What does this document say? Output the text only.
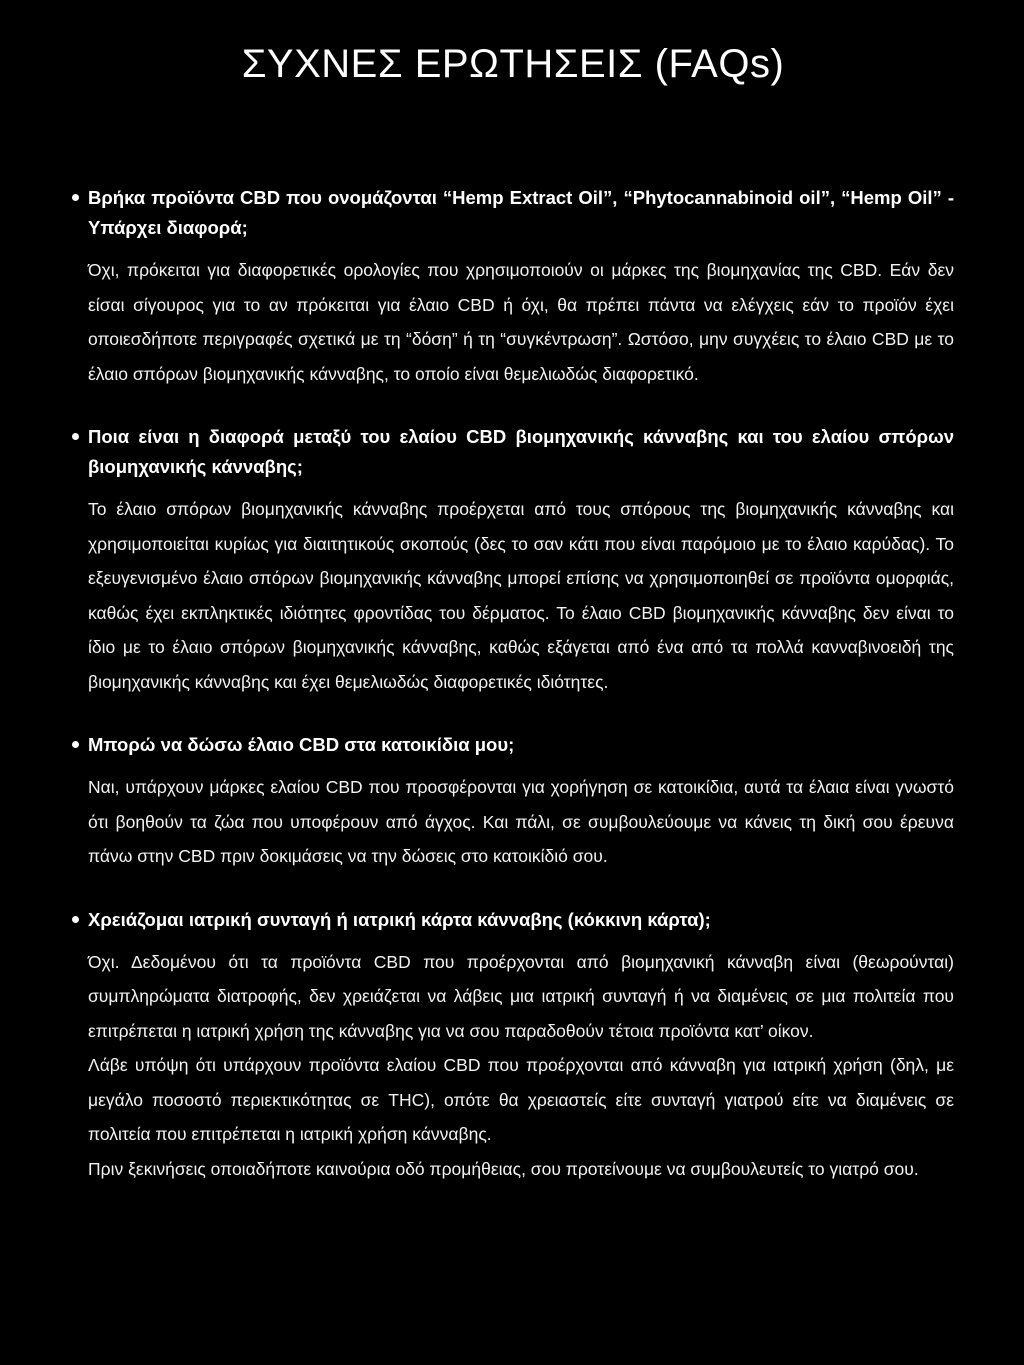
ΣΥΧΝΕΣ ΕΡΩΤΗΣΕΙΣ (FAQs)

Βρήκα προϊόντα CBD που ονομάζονται “Hemp Extract Oil”, “Phytocannabinoid oil”, “Hemp Oil” - Υπάρχει διαφορά;

Όχι, πρόκειται για διαφορετικές ορολογίες που χρησιμοποιούν οι μάρκες της βιομηχανίας της CBD. Εάν δεν είσαι σίγουρος για το αν πρόκειται για έλαιο CBD ή όχι, θα πρέπει πάντα να ελέγχεις εάν το προϊόν έχει οποιεσδήποτε περιγραφές σχετικά με τη “δόση” ή τη “συγκέντρωση”. Ωστόσο, μην συγχέεις το έλαιο CBD με το έλαιο σπόρων βιομηχανικής κάνναβης, το οποίο είναι θεμελιωδώς διαφορετικό.

Ποια είναι η διαφορά μεταξύ του ελαίου CBD βιομηχανικής κάνναβης και του ελαίου σπόρων βιομηχανικής κάνναβης;

Το έλαιο σπόρων βιομηχανικής κάνναβης προέρχεται από τους σπόρους της βιομηχανικής κάνναβης και χρησιμοποιείται κυρίως για διαιτητικούς σκοπούς (δες το σαν κάτι που είναι παρόμοιο με το έλαιο καρύδας). Το εξευγενισμένο έλαιο σπόρων βιομηχανικής κάνναβης μπορεί επίσης να χρησιμοποιηθεί σε προϊόντα ομορφιάς, καθώς έχει εκπληκτικές ιδιότητες φροντίδας του δέρματος. Το έλαιο CBD βιομηχανικής κάνναβης δεν είναι το ίδιο με το έλαιο σπόρων βιομηχανικής κάνναβης, καθώς εξάγεται από ένα από τα πολλά κανναβινοειδή της βιομηχανικής κάνναβης και έχει θεμελιωδώς διαφορετικές ιδιότητες.

Μπορώ να δώσω έλαιο CBD στα κατοικίδια μου;

Ναι, υπάρχουν μάρκες ελαίου CBD που προσφέρονται για χορήγηση σε κατοικίδια, αυτά τα έλαια είναι γνωστό ότι βοηθούν τα ζώα που υποφέρουν από άγχος. Και πάλι, σε συμβουλεύουμε να κάνεις τη δική σου έρευνα πάνω στην CBD πριν δοκιμάσεις να την δώσεις στο κατοικίδιό σου.

Χρειάζομαι ιατρική συνταγή ή ιατρική κάρτα κάνναβης (κόκκινη κάρτα);

Όχι. Δεδομένου ότι τα προϊόντα CBD που προέρχονται από βιομηχανική κάνναβη είναι (θεωρούνται) συμπληρώματα διατροφής, δεν χρειάζεται να λάβεις μια ιατρική συνταγή ή να διαμένεις σε μια πολιτεία που επιτρέπεται η ιατρική χρήση της κάνναβης για να σου παραδοθούν τέτοια προϊόντα κατ’ οίκον.

Λάβε υπόψη ότι υπάρχουν προϊόντα ελαίου CBD που προέρχονται από κάνναβη για ιατρική χρήση (δηλ, με μεγάλο ποσοστό περιεκτικότητας σε THC), οπότε θα χρειαστείς είτε συνταγή γιατρού είτε να διαμένεις σε πολιτεία που επιτρέπεται η ιατρική χρήση κάνναβης.

Πριν ξεκινήσεις οποιαδήποτε καινούρια οδό προμήθειας, σου προτείνουμε να συμβουλευτείς το γιατρό σου.
